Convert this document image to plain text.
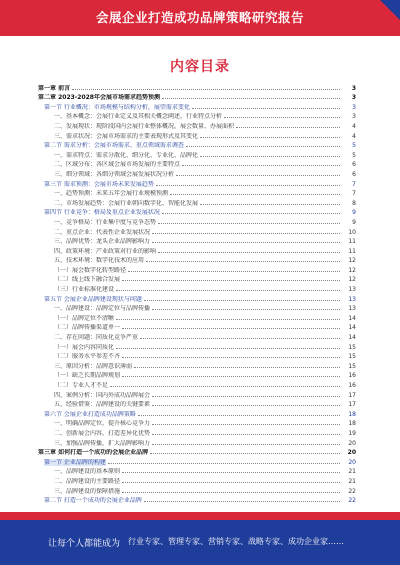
会展企业打造成功品牌策略研究报告
内容目录
第一章 前言	3
第二章 2023-2028年会展市场需求趋势预测	3
第一节 行业概况：市场规模与结构分析，展望需求变化	3
一、基本概念：会展行业定义及其相关概念阐述，行业特点分析	3
二、发展现状：现阶段国内会展行业整体概况，展会数量、办展面积	4
三、需求状况：会展市场需求的主要表现形式及其变化	4
第二节 需求分析：会展市场需求、重点领域需求调查	5
一、需求特点：需求分散化、细分化、专业化、品牌化	5
二、区域分布：各区域会展市场发展的主要特点	6
三、细分领域：各细分领域会展发展状况分析	6
第三节 需求预测：会展市场未来发展趋势	7
一、趋势预测：未来五年会展行业规模预测	7
二、市场发展趋势：会展行业朝向数字化、智能化发展	8
第四节 行业竞争：格局及重点企业发展状况	9
一、竞争格局：行业集中度与竞争态势	9
二、重点企业：代表性企业发展状况	10
三、品牌优势：龙头企业品牌影响力	11
四、政策环境：产业政策对行业的影响	11
五、技术环境：数字化技术的应用	12
（一）展会数字化转型路径	12
（二）线上线下融合发展	12
（三）行业标准化建设	13
第五节 会展企业品牌建设现状与问题	13
一、品牌建设：品牌定位与品牌传播	13
（一）品牌定位不清晰	14
（二）品牌传播渠道单一	14
二、存在问题：同质化竞争严重	14
（一）展会内容同质化	15
（二）服务水平参差不齐	15
三、原因分析：品牌意识薄弱	15
（一）缺乏长期品牌规划	16
（二）专业人才不足	16
四、案例分析：国内外成功品牌展会	17
五、经验借鉴：品牌建设的关键要素	17
第六节 会展企业打造成功品牌策略	18
一、明确品牌定位，提升核心竞争力	18
二、创新展会内容，打造差异化优势	19
三、加强品牌传播，扩大品牌影响力	20
第三章 如何打造一个成功的会展企业品牌	20
第一节 企业品牌的构建	20
一、品牌建设的基本原则	21
二、品牌建设的主要路径	21
三、品牌建设的保障措施	22
第二节 打造一个成功的会展企业品牌	22
让每个人都能成为 行业专家、管理专家、营销专家、战略专家、成功企业家……
